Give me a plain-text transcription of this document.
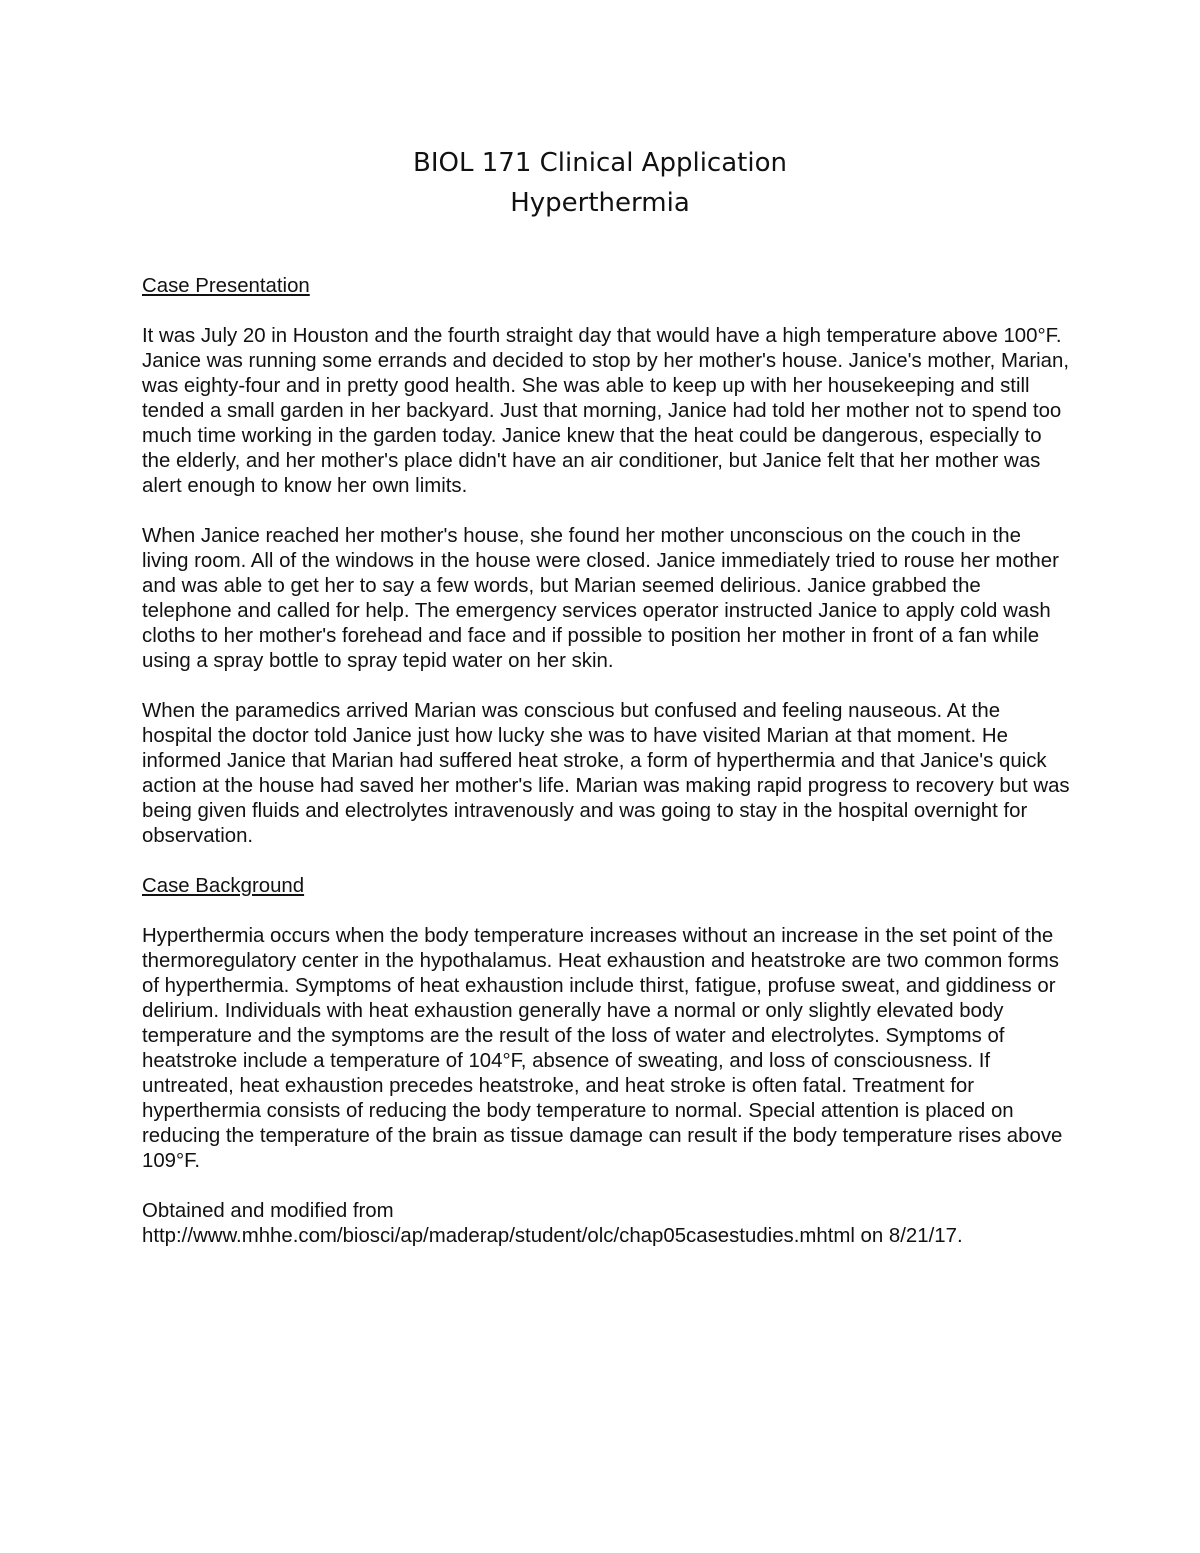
BIOL 171 Clinical Application
Hyperthermia
Case Presentation

It was July 20 in Houston and the fourth straight day that would have a high temperature above 100°F. Janice was running some errands and decided to stop by her mother's house. Janice's mother, Marian, was eighty-four and in pretty good health. She was able to keep up with her housekeeping and still tended a small garden in her backyard. Just that morning, Janice had told her mother not to spend too much time working in the garden today. Janice knew that the heat could be dangerous, especially to the elderly, and her mother's place didn't have an air conditioner, but Janice felt that her mother was alert enough to know her own limits.

When Janice reached her mother's house, she found her mother unconscious on the couch in the living room. All of the windows in the house were closed. Janice immediately tried to rouse her mother and was able to get her to say a few words, but Marian seemed delirious. Janice grabbed the telephone and called for help. The emergency services operator instructed Janice to apply cold wash cloths to her mother's forehead and face and if possible to position her mother in front of a fan while using a spray bottle to spray tepid water on her skin.

When the paramedics arrived Marian was conscious but confused and feeling nauseous. At the hospital the doctor told Janice just how lucky she was to have visited Marian at that moment. He informed Janice that Marian had suffered heat stroke, a form of hyperthermia and that Janice's quick action at the house had saved her mother's life. Marian was making rapid progress to recovery but was being given fluids and electrolytes intravenously and was going to stay in the hospital overnight for observation.

Case Background

Hyperthermia occurs when the body temperature increases without an increase in the set point of the thermoregulatory center in the hypothalamus. Heat exhaustion and heatstroke are two common forms of hyperthermia. Symptoms of heat exhaustion include thirst, fatigue, profuse sweat, and giddiness or delirium. Individuals with heat exhaustion generally have a normal or only slightly elevated body temperature and the symptoms are the result of the loss of water and electrolytes. Symptoms of heatstroke include a temperature of 104°F, absence of sweating, and loss of consciousness. If untreated, heat exhaustion precedes heatstroke, and heat stroke is often fatal. Treatment for hyperthermia consists of reducing the body temperature to normal. Special attention is placed on reducing the temperature of the brain as tissue damage can result if the body temperature rises above 109°F.

Obtained and modified from

http://www.mhhe.com/biosci/ap/maderap/student/olc/chap05casestudies.mhtml on 8/21/17.
